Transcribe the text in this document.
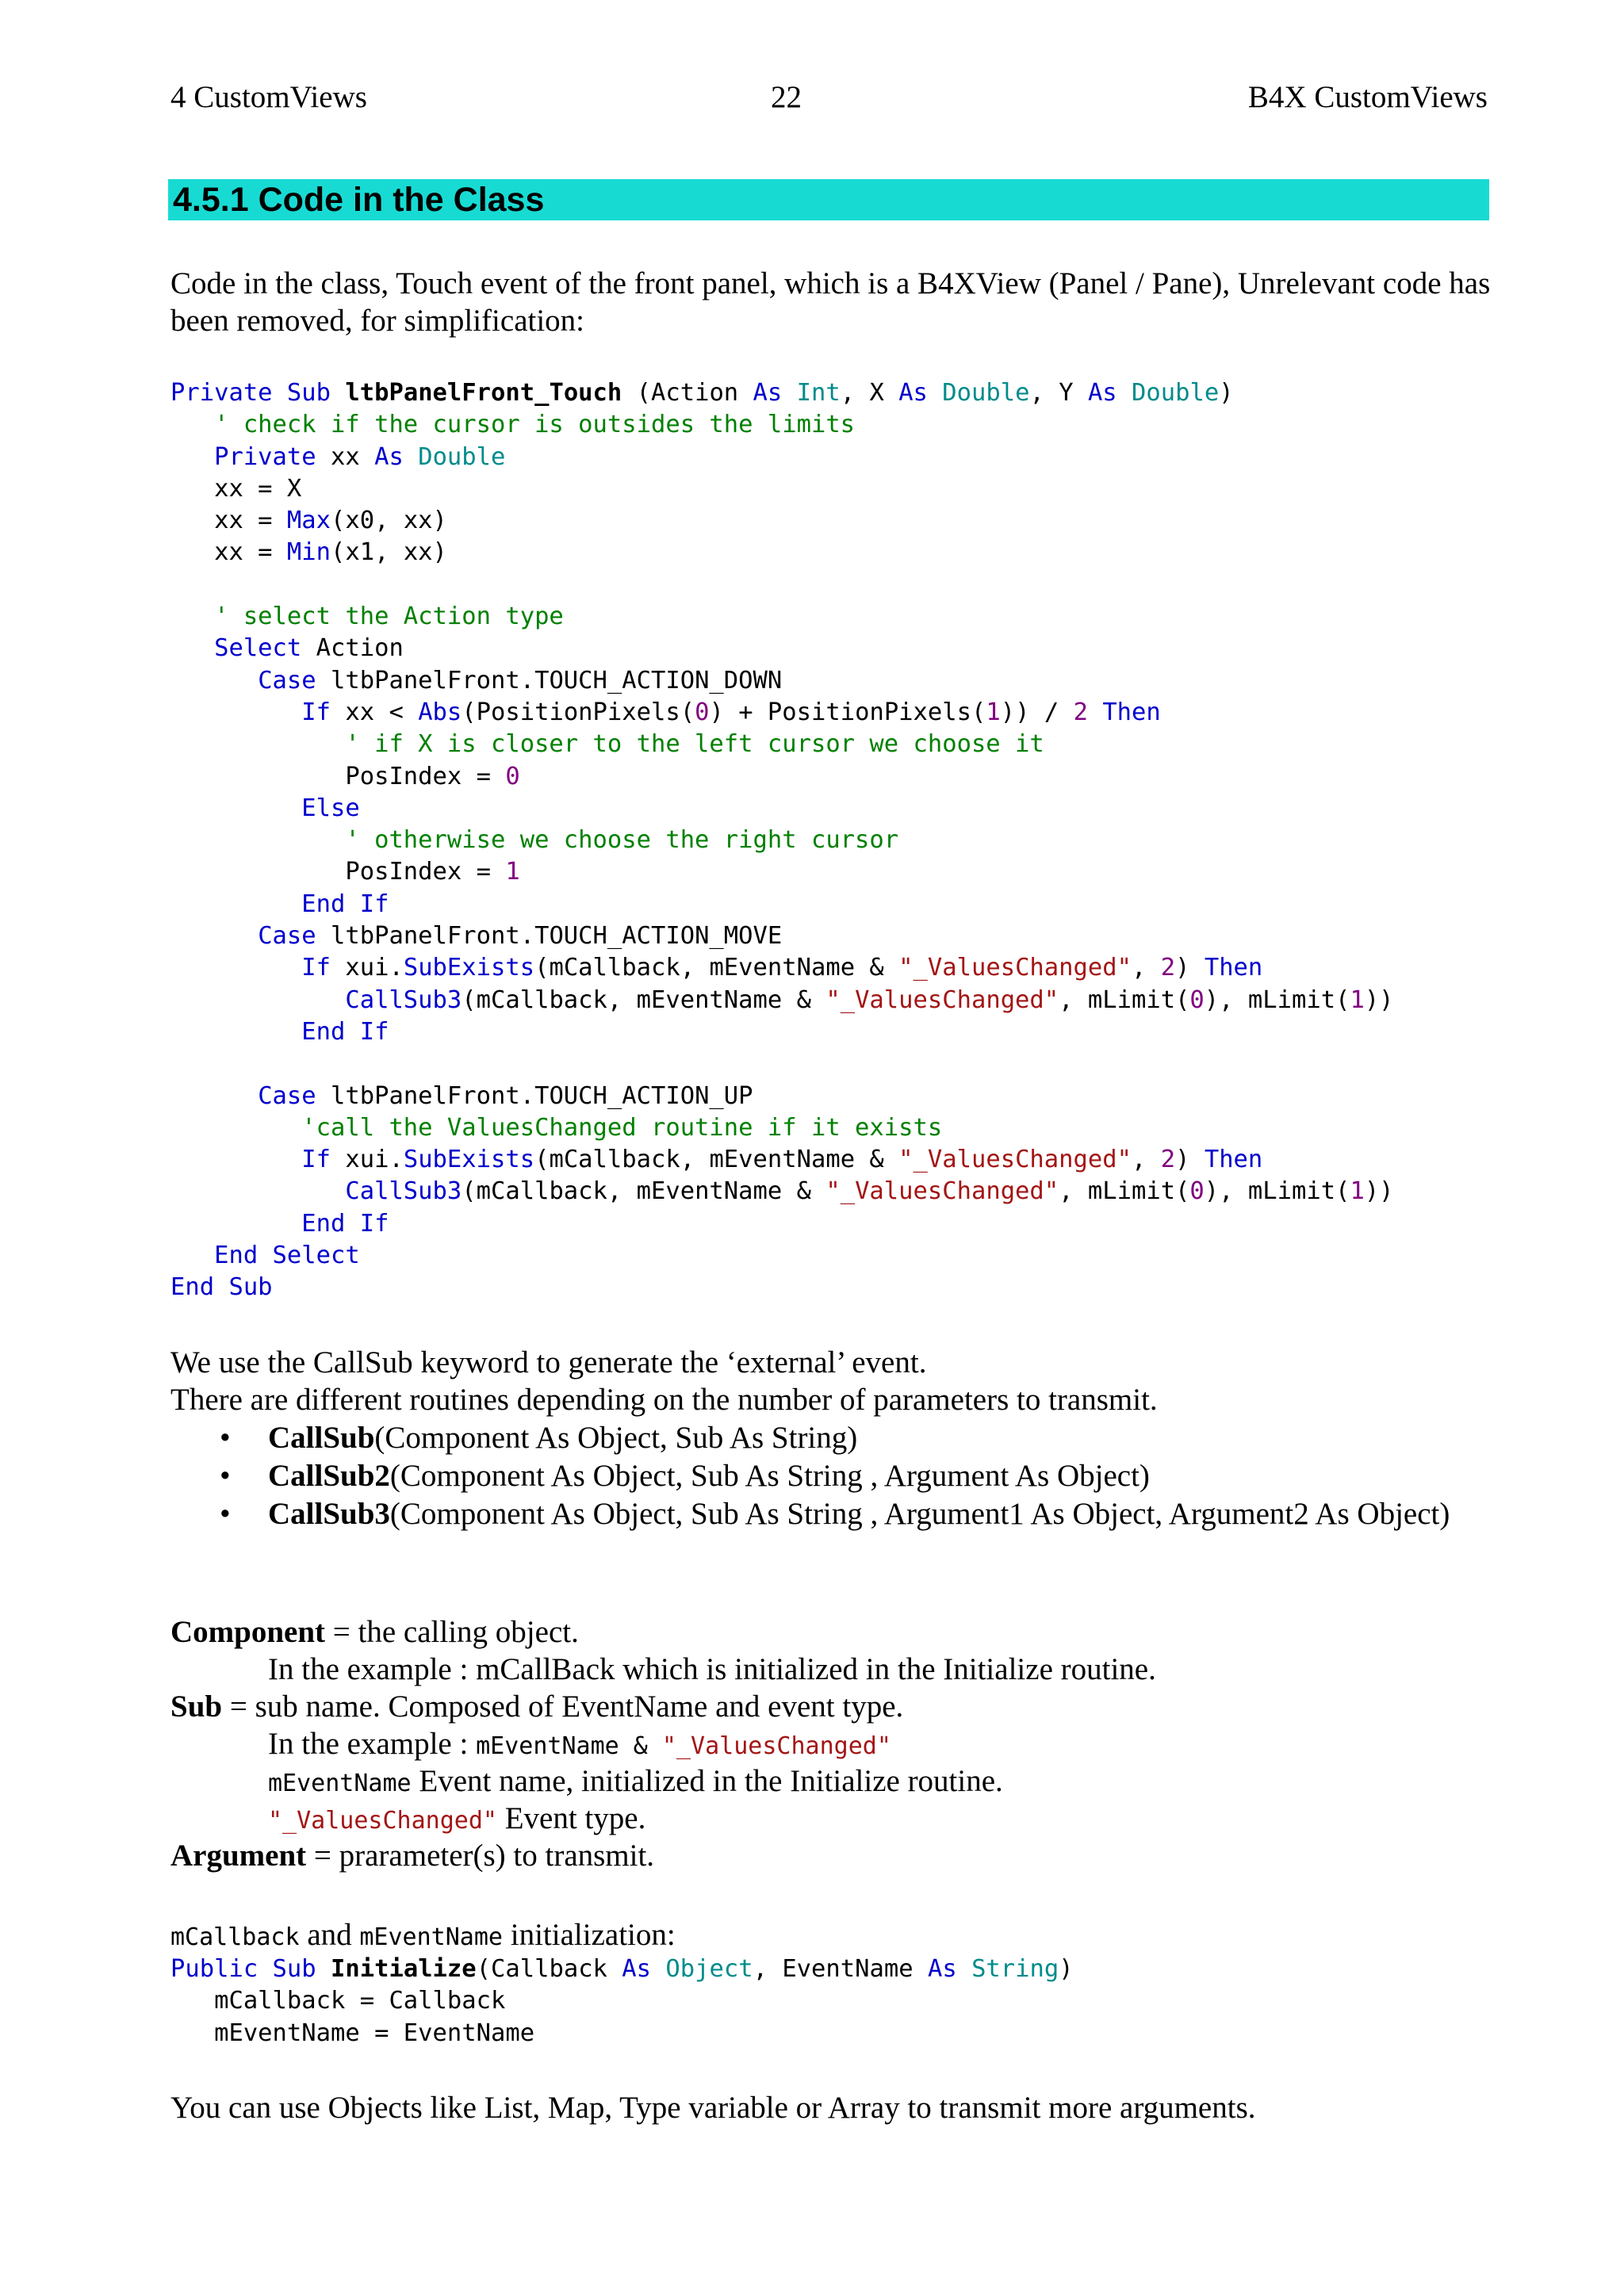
4 CustomViews	22	B4X CustomViews
4.5.1 Code in the Class

Code in the class, Touch event of the front panel, which is a B4XView (Panel / Pane), Unrelevant code has been removed, for simplification:

Private Sub ltbPanelFront_Touch (Action As Int, X As Double, Y As Double)
' check if the cursor is outsides the limits
Private xx As Double
xx = X
xx = Max(x0, xx)
xx = Min(x1, xx)

' select the Action type
Select Action
Case ltbPanelFront.TOUCH_ACTION_DOWN
If xx < Abs(PositionPixels(0) + PositionPixels(1)) / 2 Then
' if X is closer to the left cursor we choose it
PosIndex = 0
Else
' otherwise we choose the right cursor
PosIndex = 1
End If
Case ltbPanelFront.TOUCH_ACTION_MOVE
If xui.SubExists(mCallback, mEventName & "_ValuesChanged", 2) Then
CallSub3(mCallback, mEventName & "_ValuesChanged", mLimit(0), mLimit(1))
End If

Case ltbPanelFront.TOUCH_ACTION_UP
'call the ValuesChanged routine if it exists
If xui.SubExists(mCallback, mEventName & "_ValuesChanged", 2) Then
CallSub3(mCallback, mEventName & "_ValuesChanged", mLimit(0), mLimit(1))
End If
End Select
End Sub
We use the CallSub keyword to generate the ‘external’ event.
There are different routines depending on the number of parameters to transmit.
• CallSub(Component As Object, Sub As String)
• CallSub2(Component As Object, Sub As String , Argument As Object)
• CallSub3(Component As Object, Sub As String , Argument1 As Object, Argument2 As Object)
Component = the calling object.
In the example : mCallBack which is initialized in the Initialize routine.
Sub = sub name. Composed of EventName and event type.
In the example : mEventName & "_ValuesChanged"
mEventName Event name, initialized in the Initialize routine.
"_ValuesChanged" Event type.
Argument = prarameter(s) to transmit.
mCallback and mEventName initialization:
Public Sub Initialize(Callback As Object, EventName As String)
mCallback = Callback
mEventName = EventName
You can use Objects like List, Map, Type variable or Array to transmit more arguments.
